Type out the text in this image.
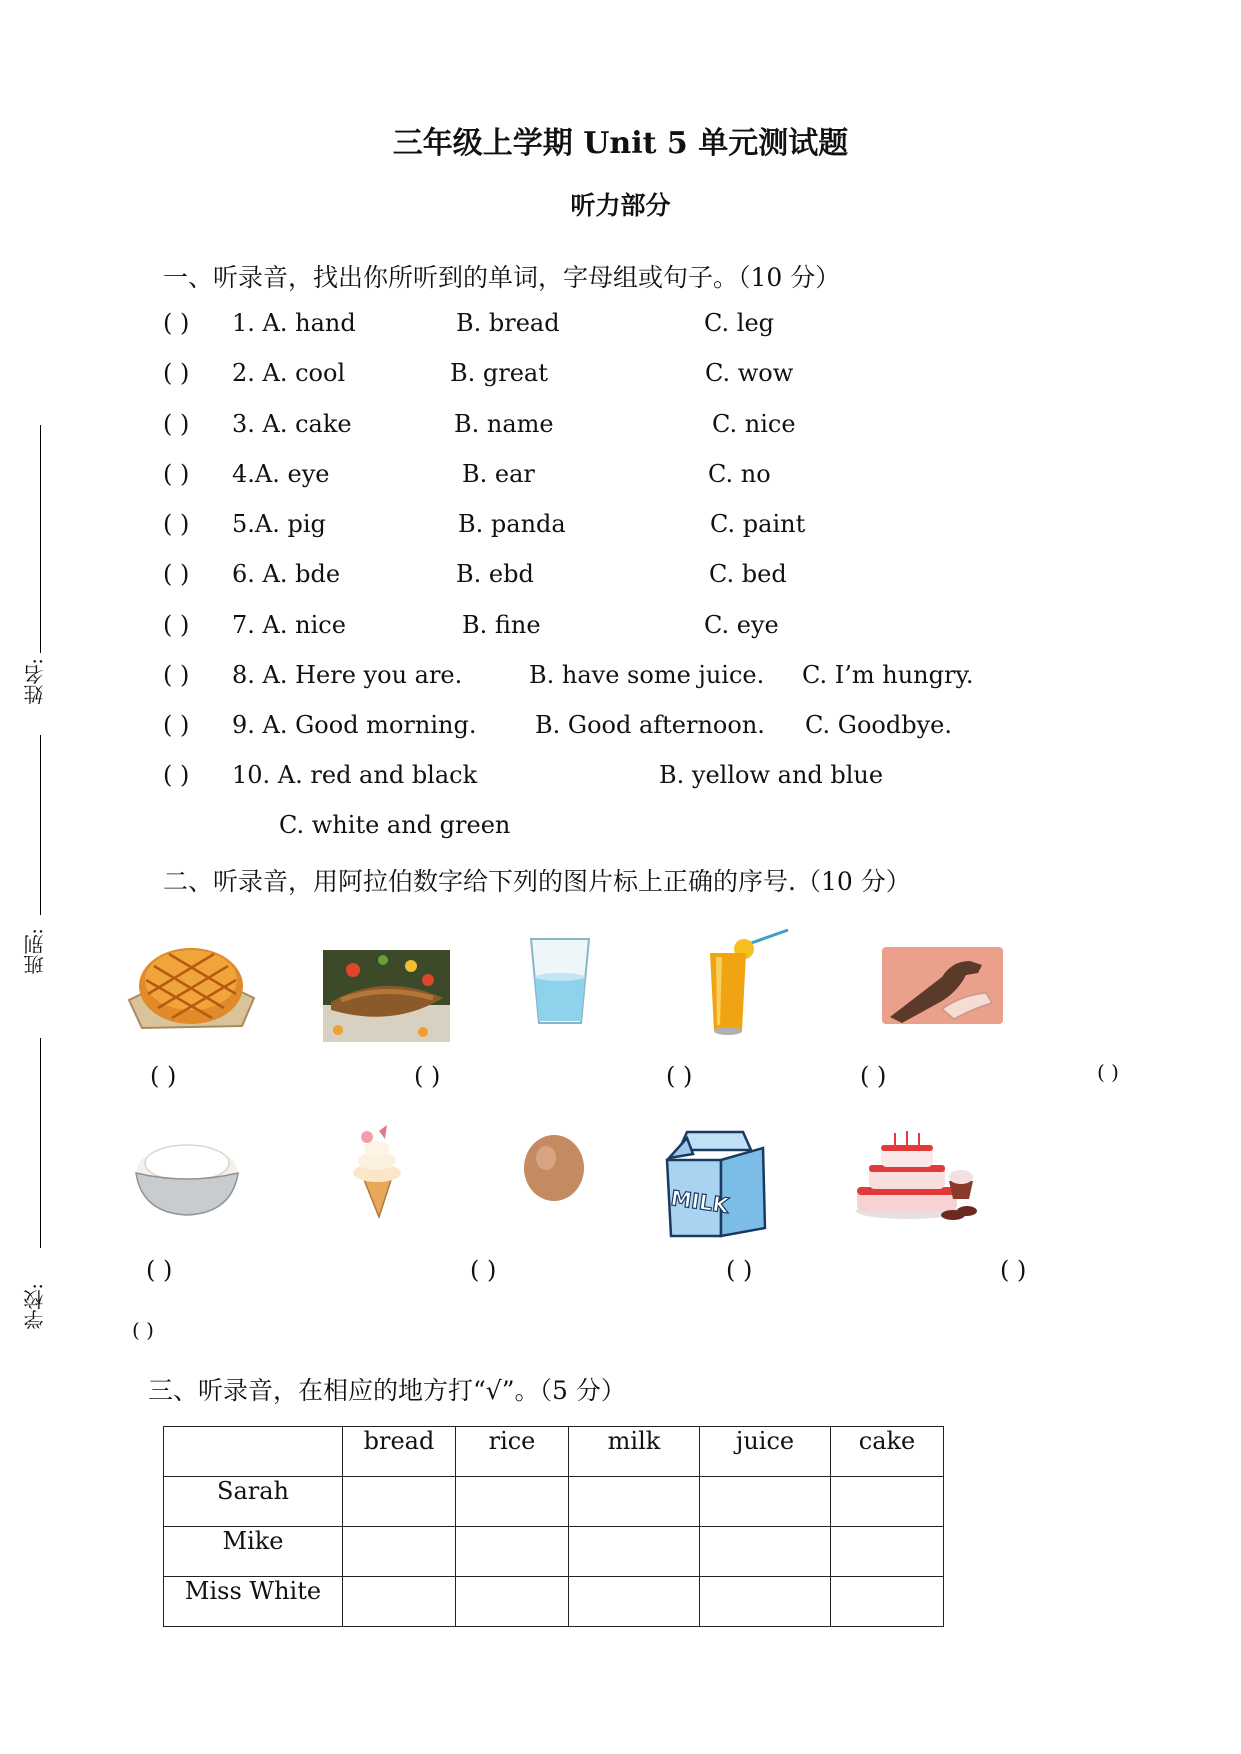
三年级上学期 Unit 5 单元测试题
听力部分
姓名:
班别:
学校:
一、听录音，找出你所听到的单词，字母组或句子。（10 分）
( ) 1. A. hand	B. bread	C. leg
( ) 2. A. cool	B. great	C. wow
( ) 3. A. cake	B. name	C. nice
( ) 4.A. eye	B. ear	C. no
( ) 5.A. pig	B. panda	C. paint
( ) 6. A. bde	B. ebd	C. bed
( ) 7. A. nice	B. fine	C. eye
( ) 8. A. Here you are.	B. have some juice. C. I’m hungry.
( ) 9. A. Good morning. B. Good afternoon. C. Goodbye.
( ) 10. A. red and black	B. yellow and blue
C. white and green
二、听录音，用阿拉伯数字给下列的图片标上正确的序号.（10 分）
( )	( )	( )	( )	( )
MILK
( )	( )	( )	( )
( )
三、听录音，在相应的地方打“√”。（5 分）
	bread	rice	milk	juice	cake
Sarah					
Mike					
Miss White					
